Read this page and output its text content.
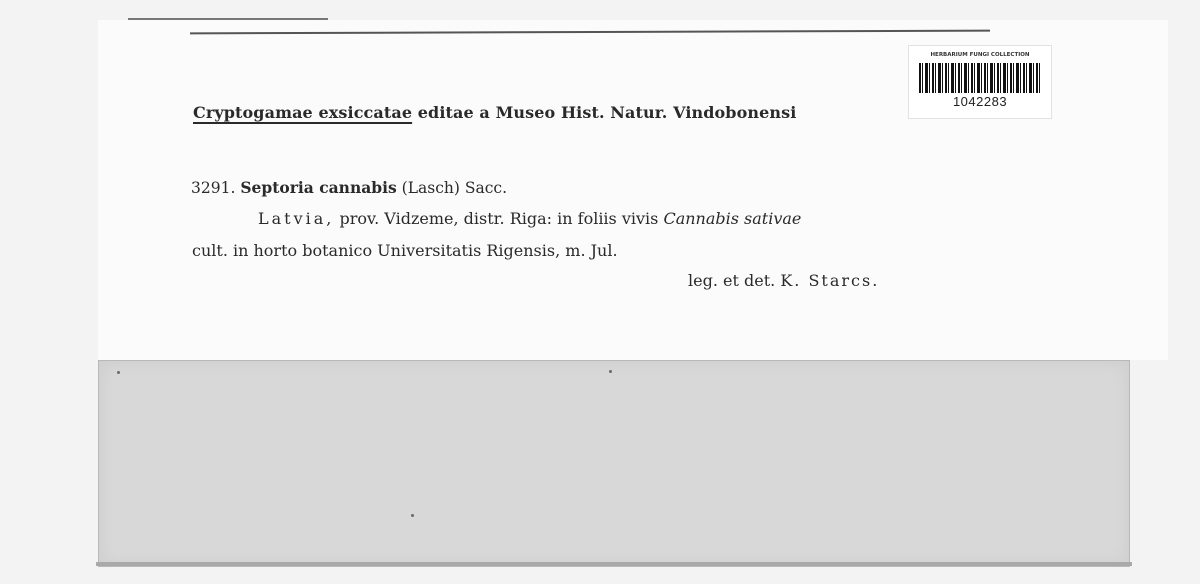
Cryptogamae exsiccatae editae a Museo Hist. Natur. Vindobonensi
3291. Septoria cannabis (Lasch) Sacc.
Latvia, prov. Vidzeme, distr. Riga: in foliis vivis Cannabis sativae
cult. in horto botanico Universitatis Rigensis, m. Jul.
leg. et det. K. Starcs.
HERBARIUM FUNGI COLLECTION
1042283
